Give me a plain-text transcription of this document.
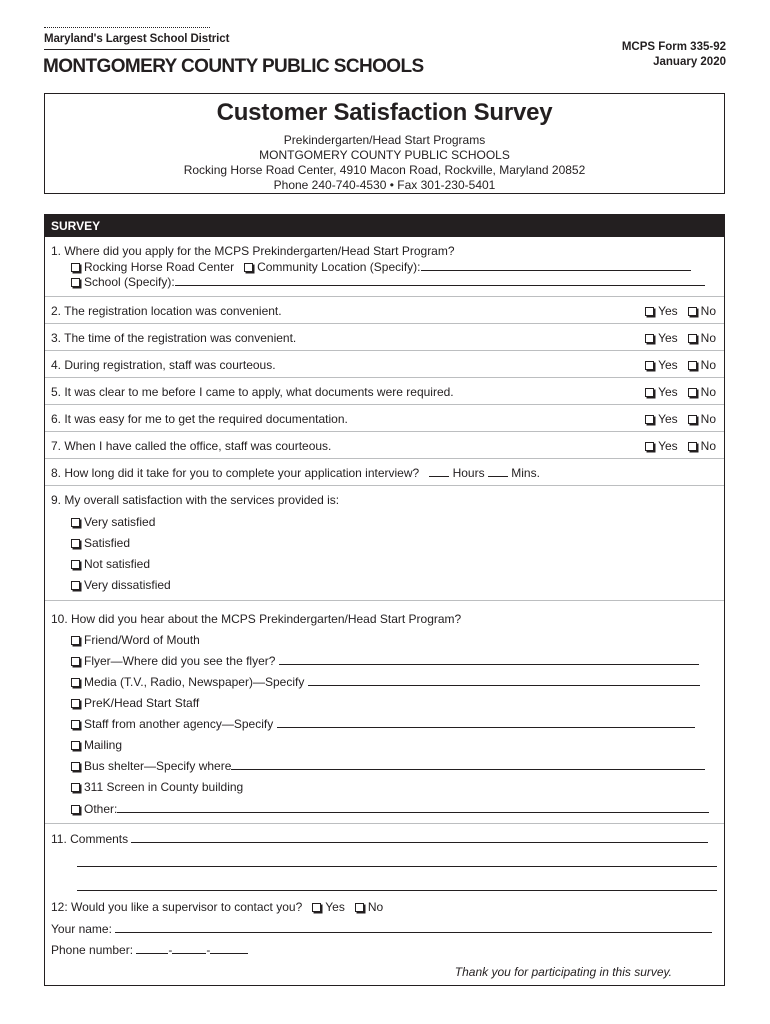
Maryland's Largest School District
MONTGOMERY COUNTY PUBLIC SCHOOLS
MCPS Form 335-92
January 2020
Customer Satisfaction Survey
Prekindergarten/Head Start Programs
MONTGOMERY COUNTY PUBLIC SCHOOLS
Rocking Horse Road Center, 4910 Macon Road, Rockville, Maryland 20852
Phone 240-740-4530 • Fax 301-230-5401
SURVEY
1. Where did you apply for the MCPS Prekindergarten/Head Start Program?
Rocking Horse Road Center Community Location (Specify):
School (Specify):
2. The registration location was convenient.	Yes No
3. The time of the registration was convenient.	Yes No
4. During registration, staff was courteous.	Yes No
5. It was clear to me before I came to apply, what documents were required.	Yes No
6. It was easy for me to get the required documentation.	Yes No
7. When I have called the office, staff was courteous.	Yes No
8. How long did it take for you to complete your application interview?	Hours Mins.
9. My overall satisfaction with the services provided is:
Very satisfied
Satisfied
Not satisfied
Very dissatisfied
10. How did you hear about the MCPS Prekindergarten/Head Start Program?
Friend/Word of Mouth
Flyer—Where did you see the flyer?
Media (T.V., Radio, Newspaper)—Specify
PreK/Head Start Staff
Staff from another agency—Specify
Mailing
Bus shelter—Specify where
311 Screen in County building
Other:
11. Comments
12: Would you like a supervisor to contact you? Yes No
Your name:
Phone number:	-	-
Thank you for participating in this survey.
